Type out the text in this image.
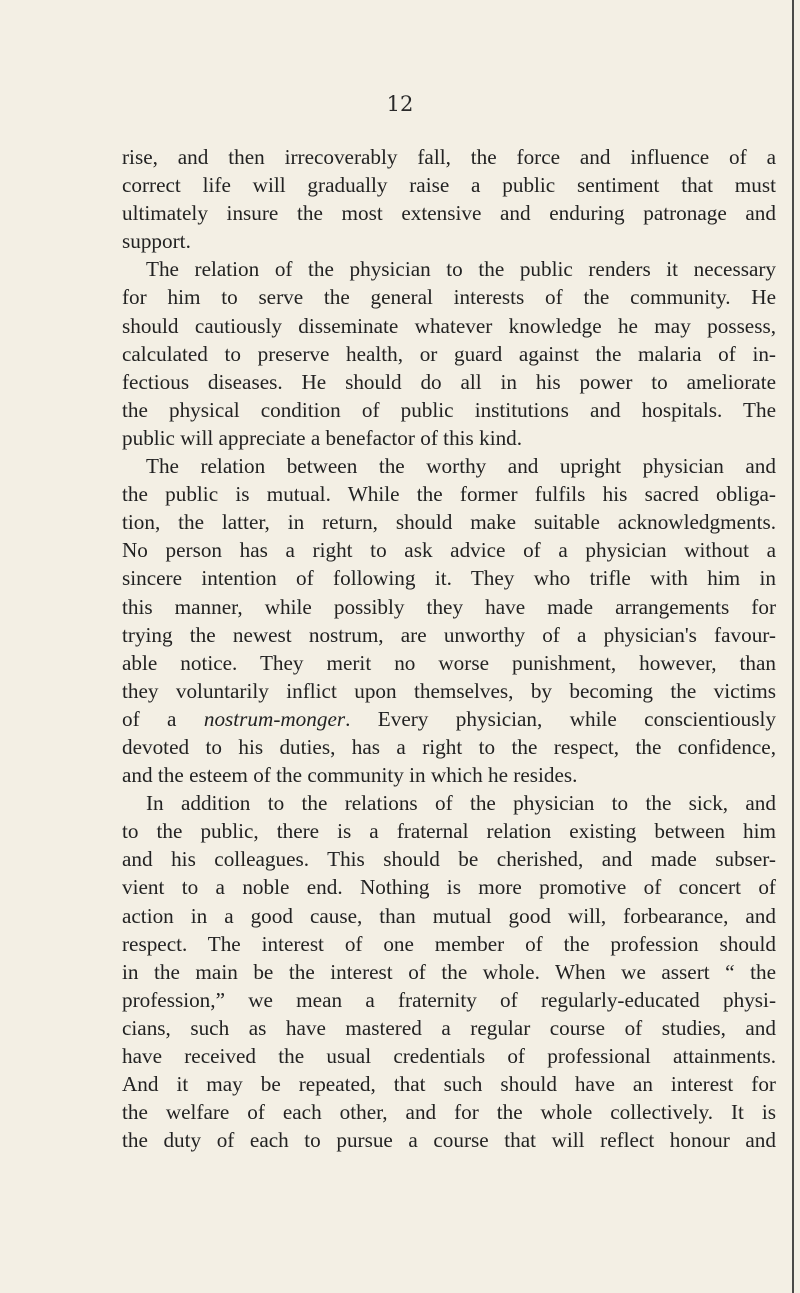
12
rise, and then irrecoverably fall, the force and influence of a
correct life will gradually raise a public sentiment that must
ultimately insure the most extensive and enduring patronage and
support.
The relation of the physician to the public renders it necessary
for him to serve the general interests of the community. He
should cautiously disseminate whatever knowledge he may possess,
calculated to preserve health, or guard against the malaria of in-
fectious diseases. He should do all in his power to ameliorate
the physical condition of public institutions and hospitals. The
public will appreciate a benefactor of this kind.
The relation between the worthy and upright physician and
the public is mutual. While the former fulfils his sacred obliga-
tion, the latter, in return, should make suitable acknowledgments.
No person has a right to ask advice of a physician without a
sincere intention of following it. They who trifle with him in
this manner, while possibly they have made arrangements for
trying the newest nostrum, are unworthy of a physician's favour-
able notice. They merit no worse punishment, however, than
they voluntarily inflict upon themselves, by becoming the victims
of a nostrum-monger. Every physician, while conscientiously
devoted to his duties, has a right to the respect, the confidence,
and the esteem of the community in which he resides.
In addition to the relations of the physician to the sick, and
to the public, there is a fraternal relation existing between him
and his colleagues. This should be cherished, and made subser-
vient to a noble end. Nothing is more promotive of concert of
action in a good cause, than mutual good will, forbearance, and
respect. The interest of one member of the profession should
in the main be the interest of the whole. When we assert “ the
profession,” we mean a fraternity of regularly-educated physi-
cians, such as have mastered a regular course of studies, and
have received the usual credentials of professional attainments.
And it may be repeated, that such should have an interest for
the welfare of each other, and for the whole collectively. It is
the duty of each to pursue a course that will reflect honour and
